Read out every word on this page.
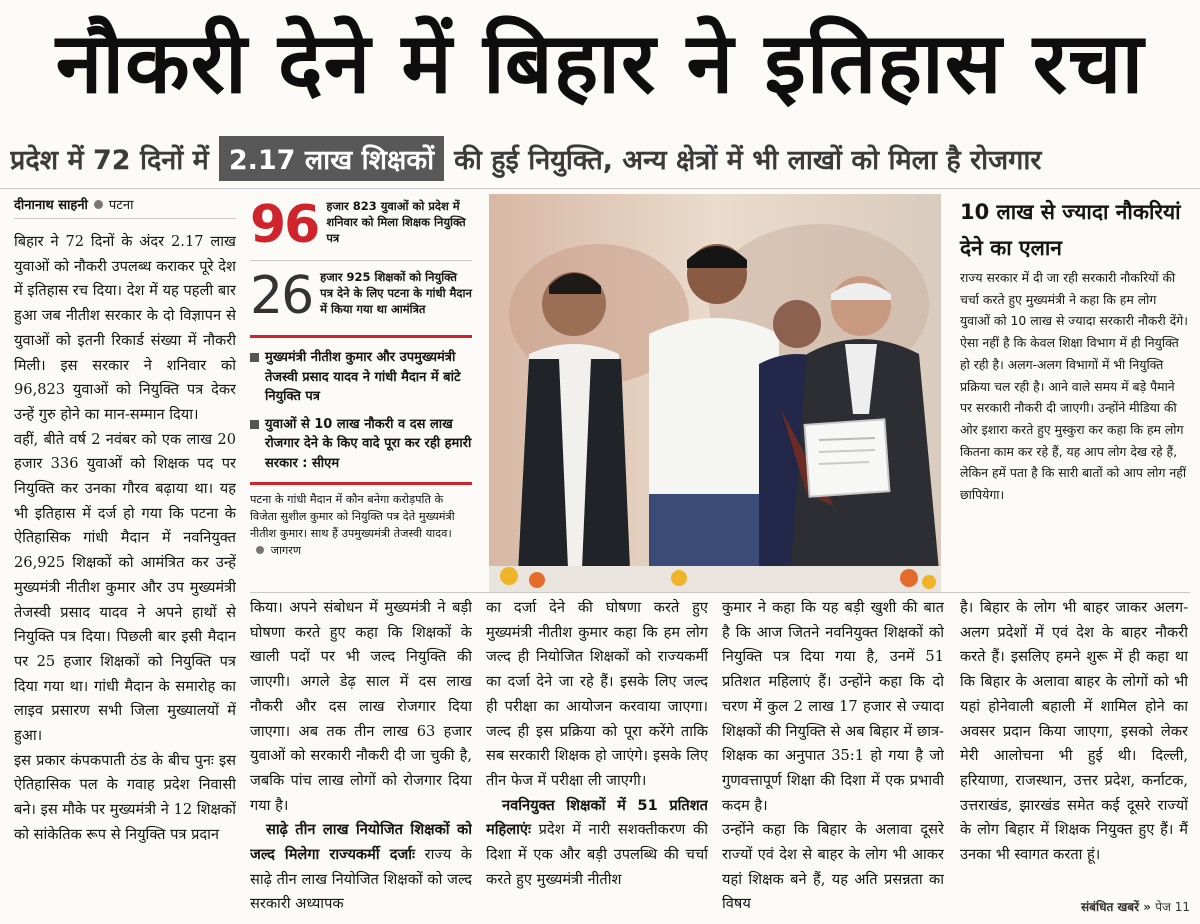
नौकरी देने में बिहार ने इतिहास रचा
प्रदेश में 72 दिनों में 2.17 लाख शिक्षकों की हुई नियुक्ति, अन्य क्षेत्रों में भी लाखों को मिला है रोजगार
दीनानाथ साहनी पटना

बिहार ने 72 दिनों के अंदर 2.17 लाख युवाओं को नौकरी उपलब्ध कराकर पूरे देश में इतिहास रच दिया। देश में यह पहली बार हुआ जब नीतीश सरकार के दो विज्ञापन से युवाओं को इतनी रिकार्ड संख्या में नौकरी मिली। इस सरकार ने शनिवार को 96,823 युवाओं को नियुक्ति पत्र देकर उन्हें गुरु होने का मान-सम्मान दिया।
वहीं, बीते वर्ष 2 नवंबर को एक लाख 20 हजार 336 युवाओं को शिक्षक पद पर नियुक्ति कर उनका गौरव बढ़ाया था। यह भी इतिहास में दर्ज हो गया कि पटना के ऐतिहासिक गांधी मैदान में नवनियुक्त 26,925 शिक्षकों को आमंत्रित कर उन्हें मुख्यमंत्री नीतीश कुमार और उप मुख्यमंत्री तेजस्वी प्रसाद यादव ने अपने हाथों से नियुक्ति पत्र दिया। पिछली बार इसी मैदान पर 25 हजार शिक्षकों को नियुक्ति पत्र दिया गया था। गांधी मैदान के समारोह का लाइव प्रसारण सभी जिला मुख्यालयों में हुआ।
इस प्रकार कंपकपाती ठंड के बीच पुनः इस ऐतिहासिक पल के गवाह प्रदेश निवासी बने। इस मौके पर मुख्यमंत्री ने 12 शिक्षकों को सांकेतिक रूप से नियुक्ति पत्र प्रदान

96 हजार 823 युवाओं को प्रदेश में शनिवार को मिला शिक्षक नियुक्ति पत्र
26 हजार 925 शिक्षकों को नियुक्ति पत्र देने के लिए पटना के गांधी मैदान में किया गया था आमंत्रित
मुख्यमंत्री नीतीश कुमार और उपमुख्यमंत्री तेजस्वी प्रसाद यादव ने गांधी मैदान में बांटे नियुक्ति पत्र
युवाओं से 10 लाख नौकरी व दस लाख रोजगार देने के किए वादे पूरा कर रही हमारी सरकार : सीएम
पटना के गांधी मैदान में कौन बनेगा करोड़पति के विजेता सुशील कुमार को नियुक्ति पत्र देते मुख्यमंत्री नीतीश कुमार। साथ हैं उपमुख्यमंत्री तेजस्वी यादव।  जागरण
10 लाख से ज्यादा नौकरियां देने का एलान
राज्य सरकार में दी जा रही सरकारी नौकरियों की चर्चा करते हुए मुख्यमंत्री ने कहा कि हम लोग युवाओं को 10 लाख से ज्यादा सरकारी नौकरी देंगे। ऐसा नहीं है कि केवल शिक्षा विभाग में ही नियुक्ति हो रही है। अलग-अलग विभागों में भी नियुक्ति प्रक्रिया चल रही है। आने वाले समय में बड़े पैमाने पर सरकारी नौकरी दी जाएगी। उन्होंने मीडिया की ओर इशारा करते हुए मुस्कुरा कर कहा कि हम लोग कितना काम कर रहे हैं, यह आप लोग देख रहे हैं, लेकिन हमें पता है कि सारी बातों को आप लोग नहीं छापियेगा।

किया। अपने संबोधन में मुख्यमंत्री ने बड़ी घोषणा करते हुए कहा कि शिक्षकों के खाली पदों पर भी जल्द नियुक्ति की जाएगी। अगले डेढ़ साल में दस लाख नौकरी और दस लाख रोजगार दिया जाएगा। अब तक तीन लाख 63 हजार युवाओं को सरकारी नौकरी दी जा चुकी है, जबकि पांच लाख लोगों को रोजगार दिया गया है।

साढ़े तीन लाख नियोजित शिक्षकों को जल्द मिलेगा राज्यकर्मी दर्जाः राज्य के साढ़े तीन लाख नियोजित शिक्षकों को जल्द सरकारी अध्यापक

का दर्जा देने की घोषणा करते हुए मुख्यमंत्री नीतीश कुमार कहा कि हम लोग जल्द ही नियोजित शिक्षकों को राज्यकर्मी का दर्जा देने जा रहे हैं। इसके लिए जल्द ही परीक्षा का आयोजन करवाया जाएगा। जल्द ही इस प्रक्रिया को पूरा करेंगे ताकि सब सरकारी शिक्षक हो जाएंगे। इसके लिए तीन फेज में परीक्षा ली जाएगी।

नवनियुक्त शिक्षकों में 51 प्रतिशत महिलाएंः प्रदेश में नारी सशक्तीकरण की दिशा में एक और बड़ी उपलब्धि की चर्चा करते हुए मुख्यमंत्री नीतीश

कुमार ने कहा कि यह बड़ी खुशी की बात है कि आज जितने नवनियुक्त शिक्षकों को नियुक्ति पत्र दिया गया है, उनमें 51 प्रतिशत महिलाएं हैं। उन्होंने कहा कि दो चरण में कुल 2 लाख 17 हजार से ज्यादा शिक्षकों की नियुक्ति से अब बिहार में छात्र-शिक्षक का अनुपात 35:1 हो गया है जो गुणवत्तापूर्ण शिक्षा की दिशा में एक प्रभावी कदम है।
उन्होंने कहा कि बिहार के अलावा दूसरे राज्यों एवं देश से बाहर के लोग भी आकर यहां शिक्षक बने हैं, यह अति प्रसन्नता का विषय

है। बिहार के लोग भी बाहर जाकर अलग-अलग प्रदेशों में एवं देश के बाहर नौकरी करते हैं। इसलिए हमने शुरू में ही कहा था कि बिहार के अलावा बाहर के लोगों को भी यहां होनेवाली बहाली में शामिल होने का अवसर प्रदान किया जाएगा, इसको लेकर मेरी आलोचना भी हुई थी। दिल्ली, हरियाणा, राजस्थान, उत्तर प्रदेश, कर्नाटक, उत्तराखंड, झारखंड समेत कई दूसरे राज्यों के लोग बिहार में शिक्षक नियुक्त हुए हैं। मैं उनका भी स्वागत करता हूं।

संबंधित खबरें » पेज 11
